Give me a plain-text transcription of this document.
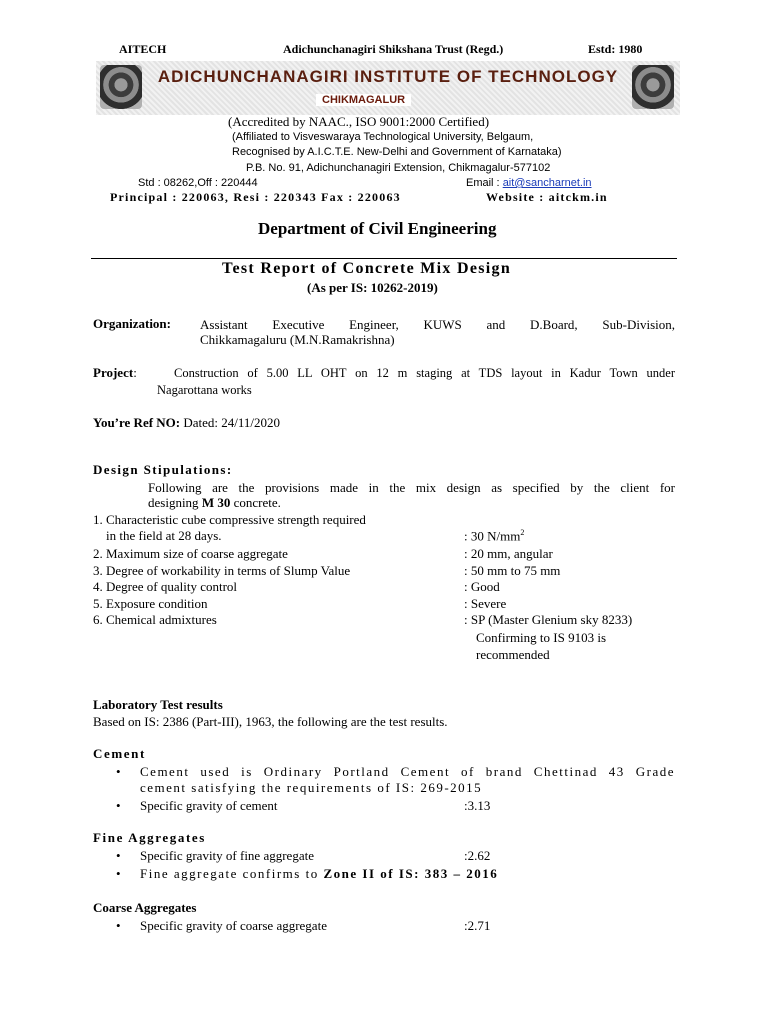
AITECH	Adichunchanagiri Shikshana Trust (Regd.)	Estd: 1980
ADICHUNCHANAGIRI INSTITUTE OF TECHNOLOGY
CHIKMAGALUR
(Accredited by NAAC., ISO 9001:2000 Certified)
(Affiliated to Visveswaraya Technological University, Belgaum,
Recognised by A.I.C.T.E. New-Delhi and Government of Karnataka)
P.B. No. 91, Adichunchanagiri Extension, Chikmagalur-577102
Std : 08262,Off : 220444	Email : ait@sancharnet.in
Principal : 220063, Resi : 220343 Fax : 220063	Website : aitckm.in
Department of Civil Engineering
Test Report of Concrete Mix Design
(As per IS: 10262-2019)
Organization: Assistant Executive Engineer, KUWS and D.Board, Sub-Division,
Chikkamagaluru (M.N.Ramakrishna)
Project:	Construction of 5.00 LL OHT on 12 m staging at TDS layout in Kadur Town under
Nagarottana works
You’re Ref NO: Dated: 24/11/2020
Design Stipulations:
Following are the provisions made in the mix design as specified by the client for
designing M 30 concrete.
1. Characteristic cube compressive strength required
in the field at 28 days.	: 30 $N/mm^2$
2. Maximum size of coarse aggregate	: 20 mm, angular
3. Degree of workability in terms of Slump Value	: 50 mm to 75 mm
4. Degree of quality control	: Good
5. Exposure condition	: Severe
6. Chemical admixtures	: SP (Master Glenium sky 8233)
Confirming to IS 9103 is
recommended
Laboratory Test results
Based on IS: 2386 (Part-III), 1963, the following are the test results.
Cement
• Cement used is Ordinary Portland Cement of brand Chettinad 43 Grade
cement satisfying the requirements of IS: 269-2015
• Specific gravity of cement	:3.13
Fine Aggregates
• Specific gravity of fine aggregate	:2.62
• Fine aggregate confirms to Zone II of IS: 383 – 2016
Coarse Aggregates
• Specific gravity of coarse aggregate	:2.71
